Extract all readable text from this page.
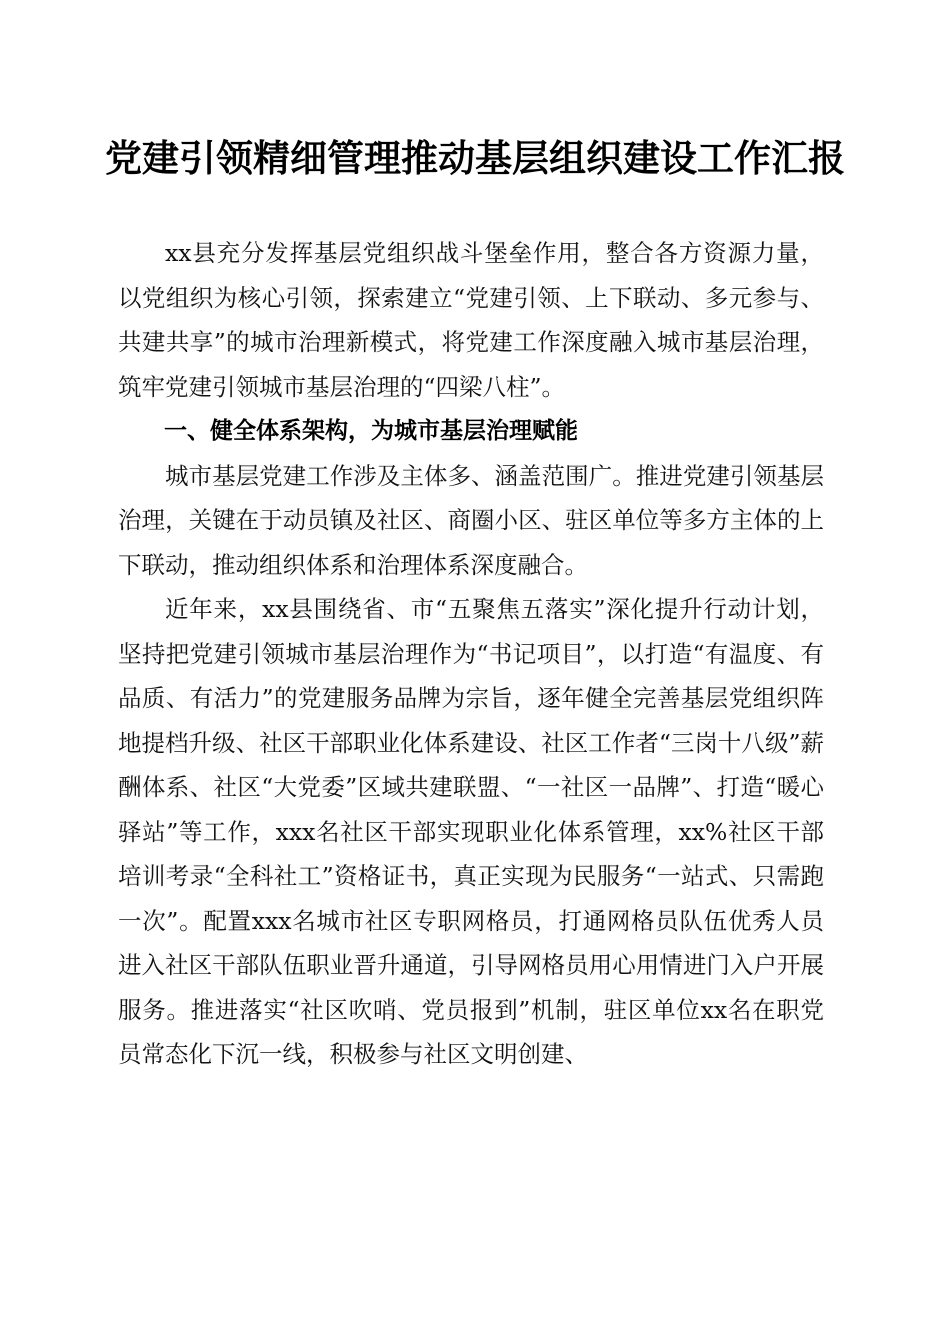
党建引领精细管理推动基层组织建设工作汇报

xx县充分发挥基层党组织战斗堡垒作用，整合各方资源力量，以党组织为核心引领，探索建立“党建引领、上下联动、多元参与、共建共享”的城市治理新模式，将党建工作深度融入城市基层治理，筑牢党建引领城市基层治理的“四梁八柱”。

一、健全体系架构，为城市基层治理赋能

城市基层党建工作涉及主体多、涵盖范围广。推进党建引领基层治理，关键在于动员镇及社区、商圈小区、驻区单位等多方主体的上下联动，推动组织体系和治理体系深度融合。

近年来，xx县围绕省、市“五聚焦五落实”深化提升行动计划，坚持把党建引领城市基层治理作为“书记项目”，以打造“有温度、有品质、有活力”的党建服务品牌为宗旨，逐年健全完善基层党组织阵地提档升级、社区干部职业化体系建设、社区工作者“三岗十八级”薪酬体系、社区“大党委”区域共建联盟、“一社区一品牌”、打造“暖心驿站”等工作，xxx名社区干部实现职业化体系管理，xx%社区干部培训考录“全科社工”资格证书，真正实现为民服务“一站式、只需跑一次”。配置xxx名城市社区专职网格员，打通网格员队伍优秀人员进入社区干部队伍职业晋升通道，引导网格员用心用情进门入户开展服务。推进落实“社区吹哨、党员报到”机制，驻区单位xx名在职党员常态化下沉一线，积极参与社区文明创建、
